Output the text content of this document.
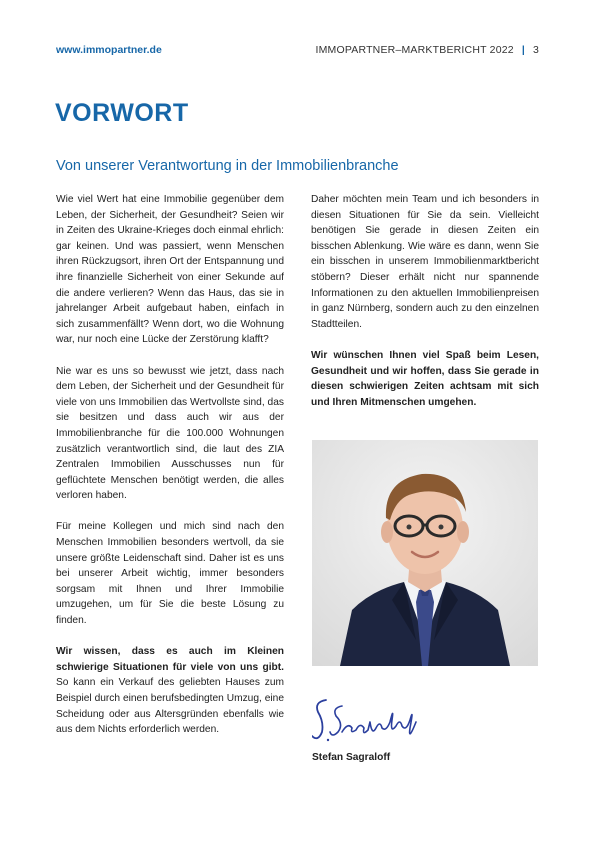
www.immopartner.de	IMMOPARTNER–MARKTBERICHT 2022 | 3
VORWORT
Von unserer Verantwortung in der Immobilienbranche

Wie viel Wert hat eine Immobilie gegenüber dem Leben, der Sicherheit, der Gesundheit? Seien wir in Zeiten des Ukraine-Krieges doch einmal ehrlich: gar keinen. Und was passiert, wenn Menschen ihren Rückzugsort, ihren Ort der Entspannung und ihre finanzielle Sicherheit von einer Sekunde auf die andere verlieren? Wenn das Haus, das sie in jahrelanger Arbeit aufgebaut haben, einfach in sich zusammenfällt? Wenn dort, wo die Wohnung war, nur noch eine Lücke der Zerstörung klafft?

Nie war es uns so bewusst wie jetzt, dass nach dem Leben, der Sicherheit und der Gesundheit für viele von uns Immobilien das Wertvollste sind, das sie besitzen und dass auch wir aus der Immobilienbranche für die 100.000 Wohnungen zusätzlich verantwortlich sind, die laut des ZIA Zentralen Immobilien Ausschusses nun für geflüchtete Menschen benötigt werden, die alles verloren haben.

Für meine Kollegen und mich sind nach den Menschen Immobilien besonders wertvoll, da sie unsere größte Leidenschaft sind. Daher ist es uns bei unserer Arbeit wichtig, immer besonders sorgsam mit Ihnen und Ihrer Immobilie umzugehen, um für Sie die beste Lösung zu finden.

Wir wissen, dass es auch im Kleinen schwierige Situationen für viele von uns gibt. So kann ein Verkauf des geliebten Hauses zum Beispiel durch einen berufsbedingten Umzug, eine Scheidung oder aus Altersgründen ebenfalls wie aus dem Nichts erforderlich werden.

Daher möchten mein Team und ich besonders in diesen Situationen für Sie da sein. Vielleicht benötigen Sie gerade in diesen Zeiten ein bisschen Ablenkung. Wie wäre es dann, wenn Sie ein bisschen in unserem Immobilienmarktbericht stöbern? Dieser erhält nicht nur spannende Informationen zu den aktuellen Immobilienpreisen in ganz Nürnberg, sondern auch zu den einzelnen Stadtteilen.

Wir wünschen Ihnen viel Spaß beim Lesen, Gesundheit und wir hoffen, dass Sie gerade in diesen schwierigen Zeiten achtsam mit sich und Ihren Mitmenschen umgehen.

Stefan Sagraloff
